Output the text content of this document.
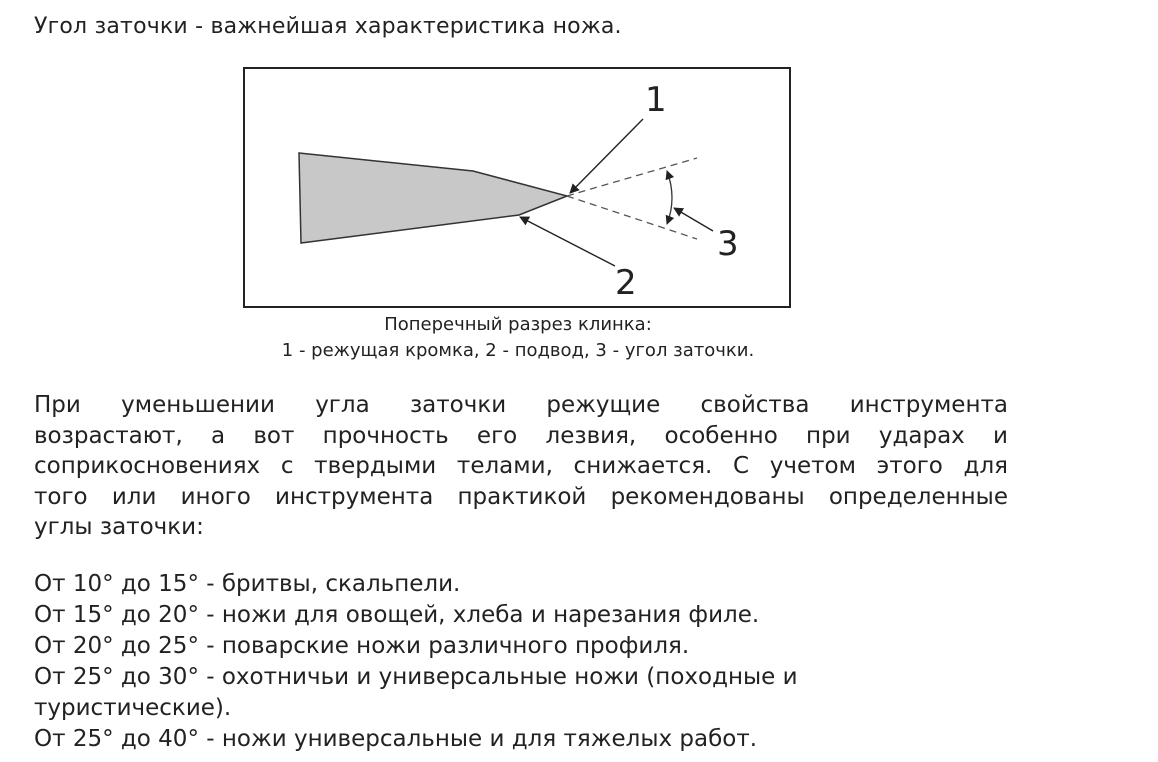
Угол заточки - важнейшая характеристика ножа.
1
2
3
Поперечный разрез клинка:
1 - режущая кромка, 2 - подвод, 3 - угол заточки.
При уменьшении угла заточки режущие свойства инструмента
возрастают, а вот прочность его лезвия, особенно при ударах и
соприкосновениях с твердыми телами, снижается. С учетом этого для
того или иного инструмента практикой рекомендованы определенные
углы заточки:
От 10° до 15° - бритвы, скальпели.
От 15° до 20° - ножи для овощей, хлеба и нарезания филе.
От 20° до 25° - поварские ножи различного профиля.
От 25° до 30° - охотничьи и универсальные ножи (походные и
туристические).
От 25° до 40° - ножи универсальные и для тяжелых работ.
